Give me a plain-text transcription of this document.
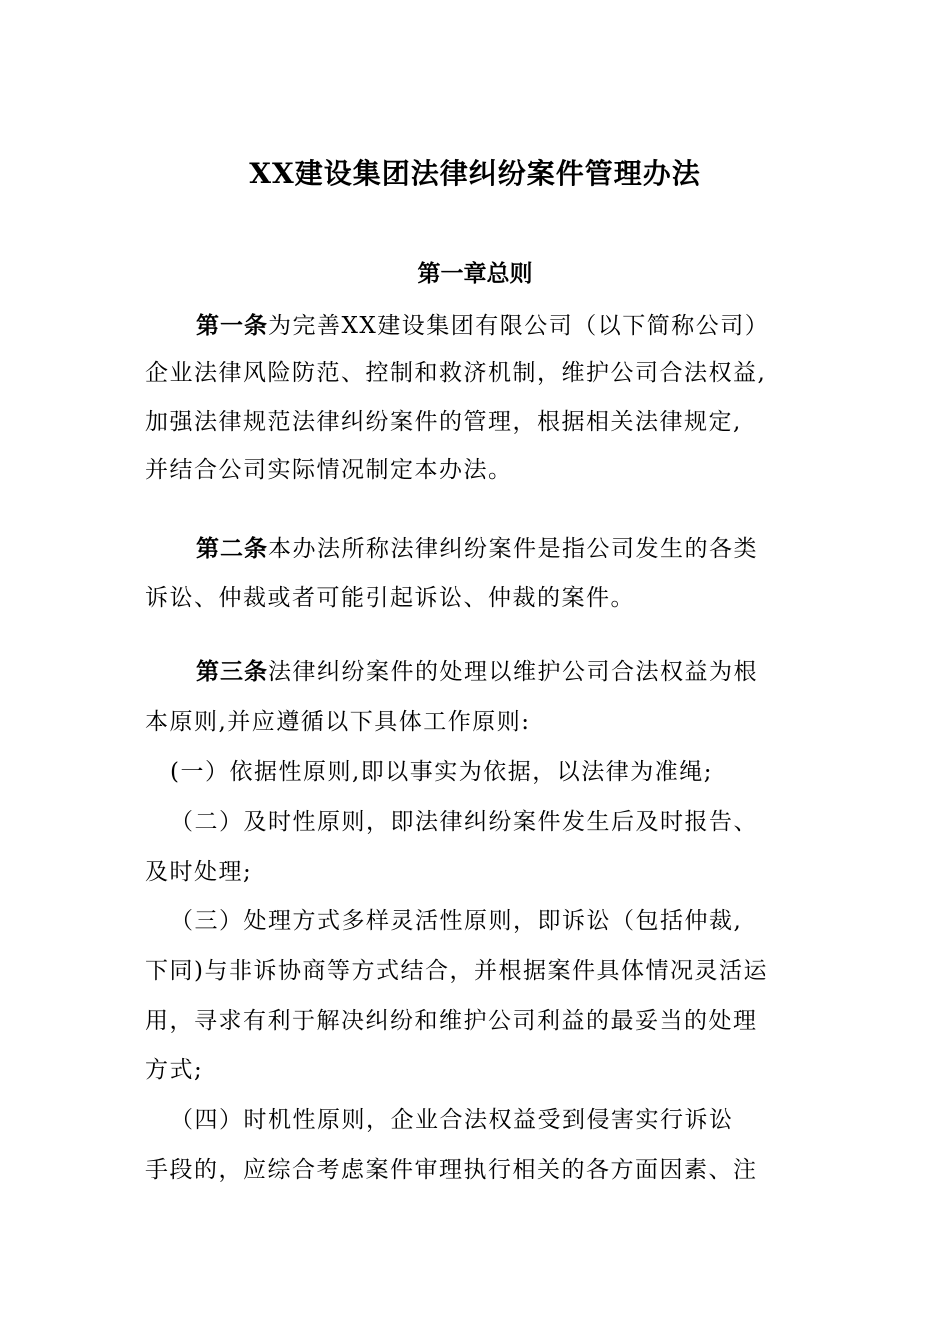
XX建设集团法律纠纷案件管理办法
第一章总则
第一条为完善XX建设集团有限公司（以下简称公司）
企业法律风险防范、控制和救济机制，维护公司合法权益,
加强法律规范法律纠纷案件的管理，根据相关法律规定,
并结合公司实际情况制定本办法。
第二条本办法所称法律纠纷案件是指公司发生的各类
诉讼、仲裁或者可能引起诉讼、仲裁的案件。
第三条法律纠纷案件的处理以维护公司合法权益为根
本原则,并应遵循以下具体工作原则:
(一）依据性原则,即以事实为依据，以法律为准绳;
（二）及时性原则，即法律纠纷案件发生后及时报告、
及时处理;
（三）处理方式多样灵活性原则，即诉讼（包括仲裁,
下同)与非诉协商等方式结合，并根据案件具体情况灵活运
用，寻求有利于解决纠纷和维护公司利益的最妥当的处理
方式;
（四）时机性原则，企业合法权益受到侵害实行诉讼
手段的，应综合考虑案件审理执行相关的各方面因素、注
